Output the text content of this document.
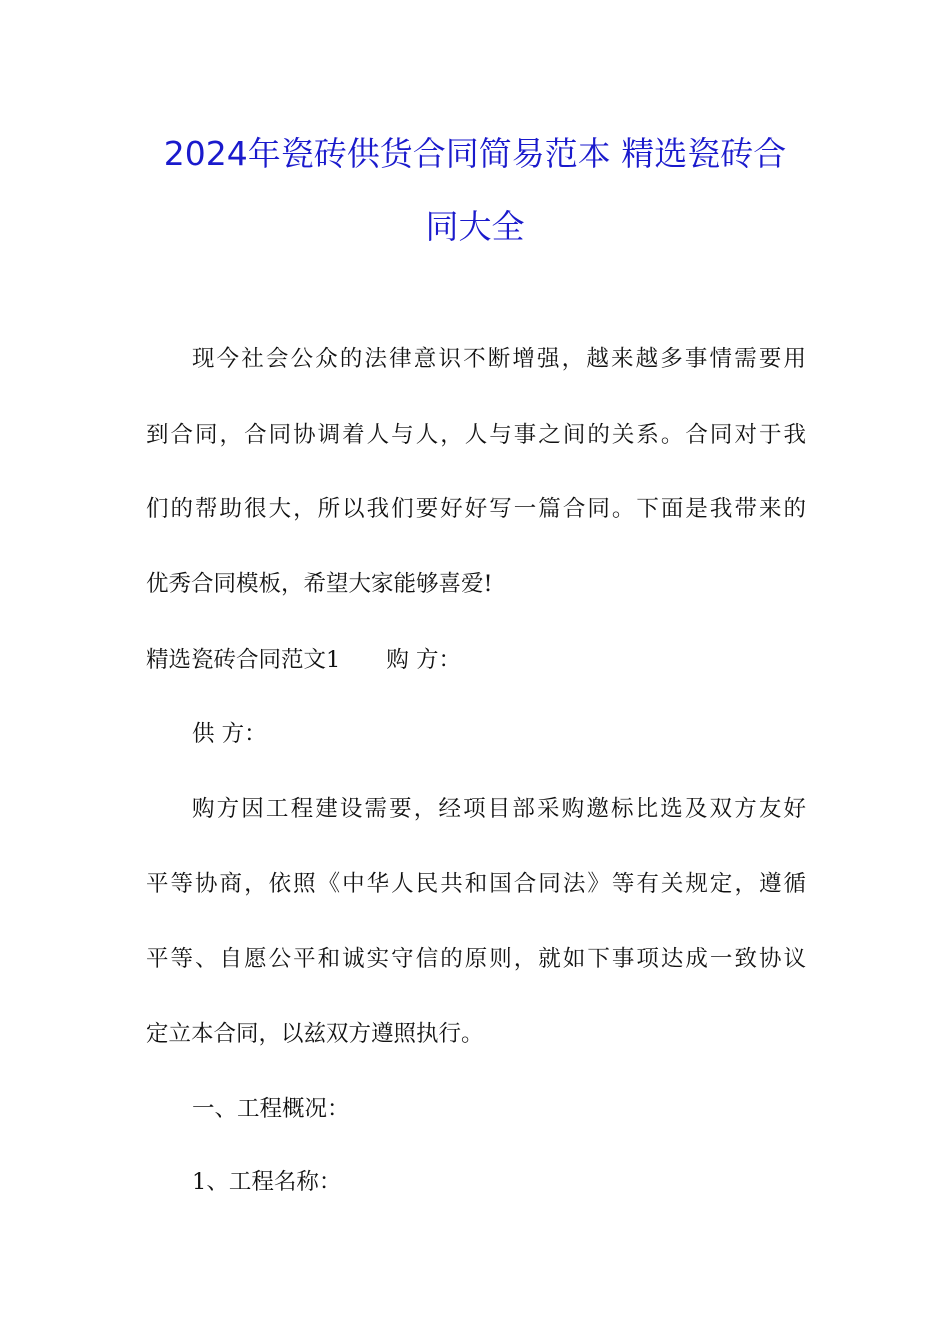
2024年瓷砖供货合同简易范本 精选瓷砖合
同大全
现今社会公众的法律意识不断增强，越来越多事情需要用
到合同，合同协调着人与人，人与事之间的关系。合同对于我
们的帮助很大，所以我们要好好写一篇合同。下面是我带来的
优秀合同模板，希望大家能够喜爱!
精选瓷砖合同范文1 购 方：
供 方：
购方因工程建设需要，经项目部采购邀标比选及双方友好
平等协商，依照《中华人民共和国合同法》等有关规定，遵循
平等、自愿公平和诚实守信的原则，就如下事项达成一致协议
定立本合同，以兹双方遵照执行。
一、工程概况：
1、工程名称：
